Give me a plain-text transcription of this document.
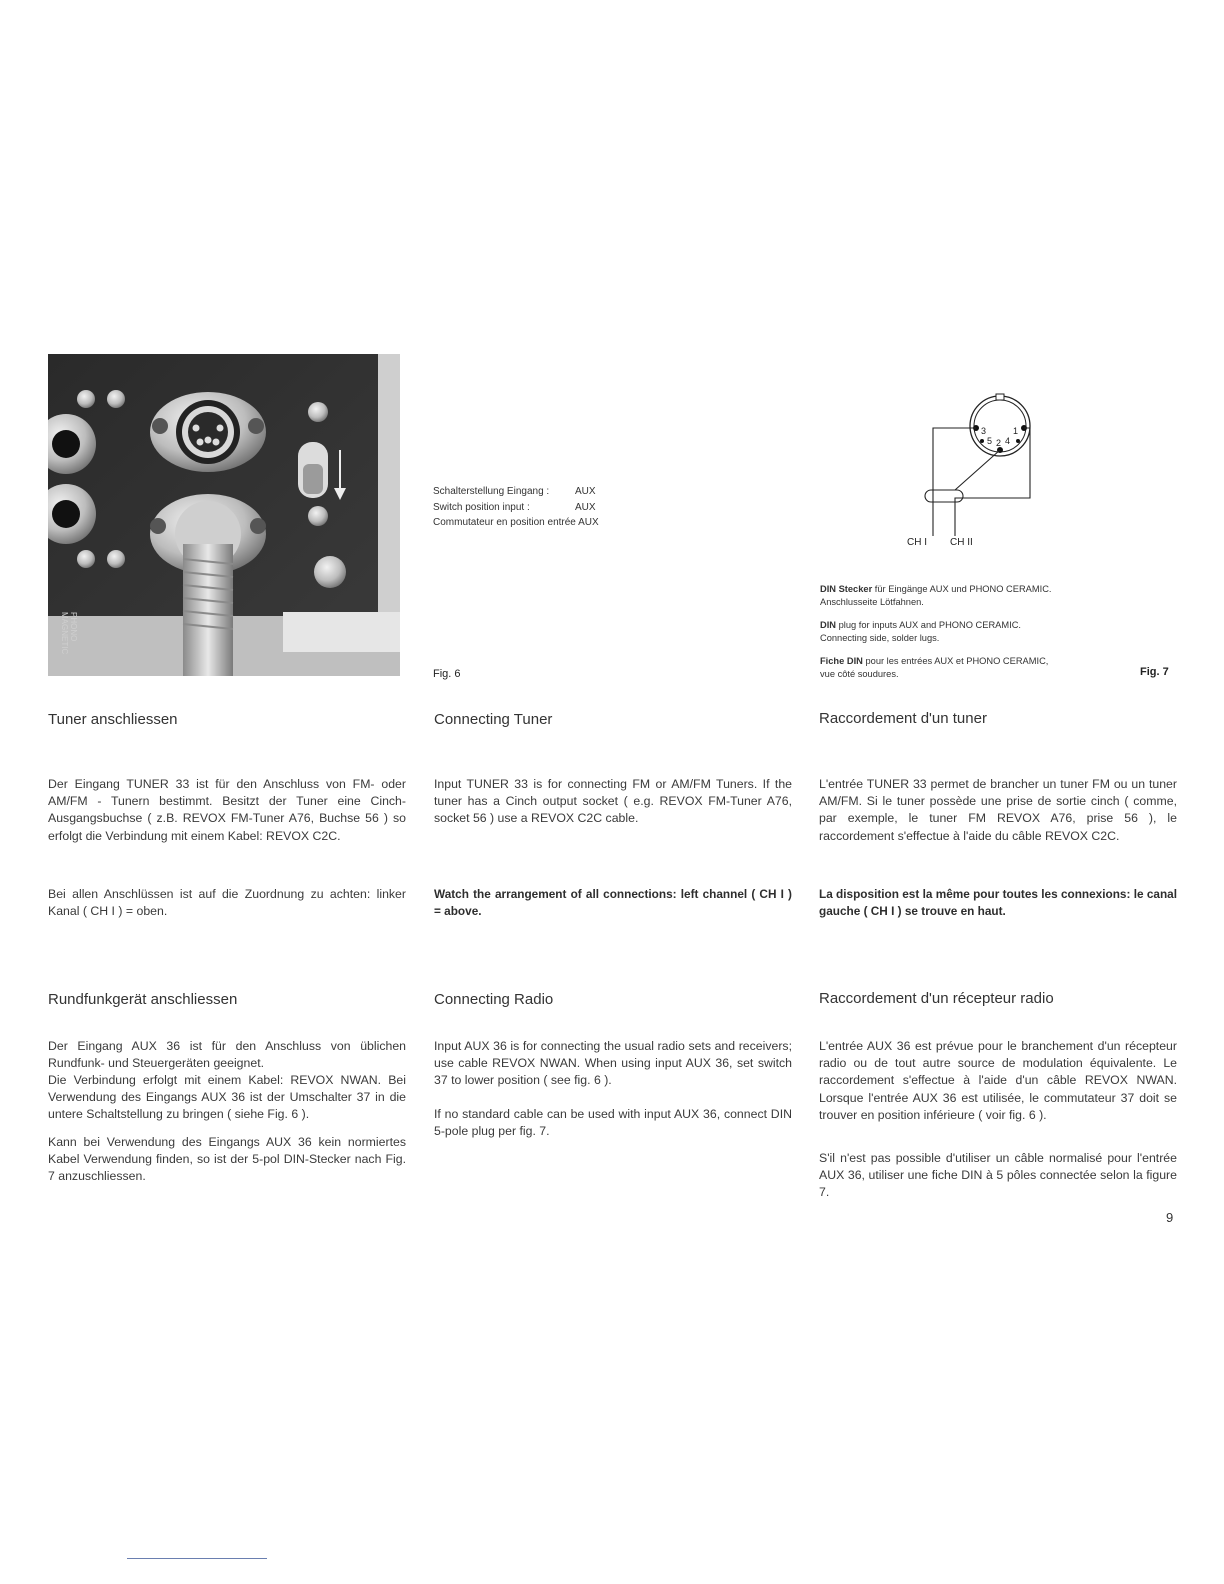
PHONO MAGNETIC
Schalterstellung Eingang :	AUX
Switch position input :	AUX
Commutateur en position entrée AUX
Fig. 6
3	1
5 2 4
CH I CH II

DIN Stecker für Eingänge AUX und PHONO CERAMIC. Anschlusseite Lötfahnen.

DIN plug for inputs AUX and PHONO CERAMIC. Connecting side, solder lugs.

Fiche DIN pour les entrées AUX et PHONO CERAMIC, vue côté soudures.	Fig. 7
Tuner anschliessen	Connecting Tuner	Raccordement d'un tuner

Der Eingang TUNER 33 ist für den Anschluss von FM- oder AM/FM - Tunern bestimmt. Besitzt der Tuner eine Cinch-Ausgangsbuchse ( z.B. REVOX FM-Tuner A76, Buchse 56 ) so erfolgt die Verbindung mit einem Kabel: REVOX C2C.

Input TUNER 33 is for connecting FM or AM/FM Tuners. If the tuner has a Cinch output socket ( e.g. REVOX FM-Tuner A76, socket 56 ) use a REVOX C2C cable.

L'entrée TUNER 33 permet de brancher un tuner FM ou un tuner AM/FM. Si le tuner possède une prise de sortie cinch ( comme, par exemple, le tuner FM REVOX A76, prise 56 ), le raccordement s'effectue à l'aide du câble REVOX C2C.

Bei allen Anschlüssen ist auf die Zuordnung zu achten: linker Kanal ( CH I ) = oben.

Watch the arrangement of all connections: left channel ( CH I ) = above.

La disposition est la même pour toutes les connexions: le canal gauche ( CH I ) se trouve en haut.

Rundfunkgerät anschliessen	Connecting Radio	Raccordement d'un récepteur radio

Der Eingang AUX 36 ist für den Anschluss von üblichen Rundfunk- und Steuergeräten geeignet.

Die Verbindung erfolgt mit einem Kabel: REVOX NWAN. Bei Verwendung des Eingangs AUX 36 ist der Umschalter 37 in die untere Schaltstellung zu bringen ( siehe Fig. 6 ).

Kann bei Verwendung des Eingangs AUX 36 kein normiertes Kabel Verwendung finden, so ist der 5-pol DIN-Stecker nach Fig. 7 anzuschliessen.

Input AUX 36 is for connecting the usual radio sets and receivers; use cable REVOX NWAN. When using input AUX 36, set switch 37 to lower position ( see fig. 6 ).

If no standard cable can be used with input AUX 36, connect DIN 5-pole plug per fig. 7.

L'entrée AUX 36 est prévue pour le branchement d'un récepteur radio ou de tout autre source de modulation équivalente. Le raccordement s'effectue à l'aide d'un câble REVOX NWAN. Lorsque l'entrée AUX 36 est utilisée, le commutateur 37 doit se trouver en position inférieure ( voir fig. 6 ).

S'il n'est pas possible d'utiliser un câble normalisé pour l'entrée AUX 36, utiliser une fiche DIN à 5 pôles connectée selon la figure 7.

9
